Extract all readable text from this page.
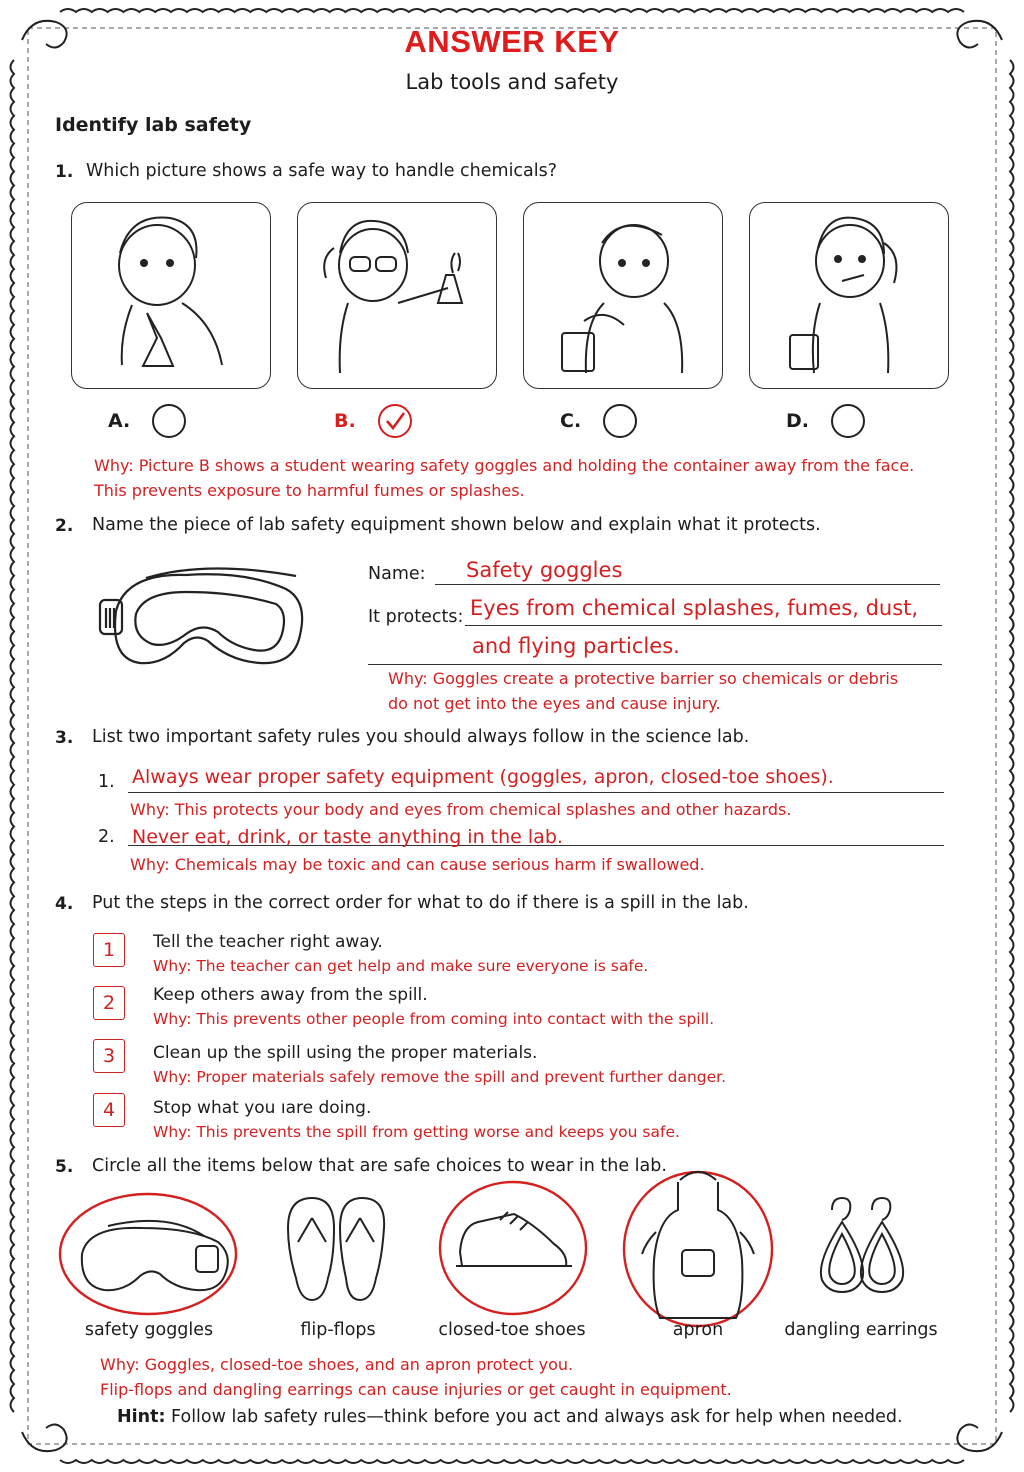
ANSWER KEY
Lab tools and safety
Identify lab safety
1. Which picture shows a safe way to handle chemicals?
A.	B.	C.	D.
Why: Picture B shows a student wearing safety goggles and holding the container away from the face.
This prevents exposure to harmful fumes or splashes.
2. Name the piece of lab safety equipment shown below and explain what it protects.
Name: Safety goggles
It protects: Eyes from chemical splashes, fumes, dust,
and flying particles.
Why: Goggles create a protective barrier so chemicals or debris
do not get into the eyes and cause injury.
3. List two important safety rules you should always follow in the science lab.
1. Always wear proper safety equipment (goggles, apron, closed-toe shoes).
Why: This protects your body and eyes from chemical splashes and other hazards.
2. Never eat, drink, or taste anything in the lab.
Why: Chemicals may be toxic and can cause serious harm if swallowed.
4. Put the steps in the correct order for what to do if there is a spill in the lab.
1	Tell the teacher right away.
Why: The teacher can get help and make sure everyone is safe.
2	Keep others away from the spill.
Why: This prevents other people from coming into contact with the spill.
3	Clean up the spill using the proper materials.
Why: Proper materials safely remove the spill and prevent further danger.
4	Stop what you ıare doing.
Why: This prevents the spill from getting worse and keeps you safe.
5. Circle all the items below that are safe choices to wear in the lab.
safety goggles	flip-flops	closed-toe shoes	apron	dangling earrings
Why: Goggles, closed-toe shoes, and an apron protect you.
Flip-flops and dangling earrings can cause injuries or get caught in equipment.
Hint: Follow lab safety rules—think before you act and always ask for help when needed.
